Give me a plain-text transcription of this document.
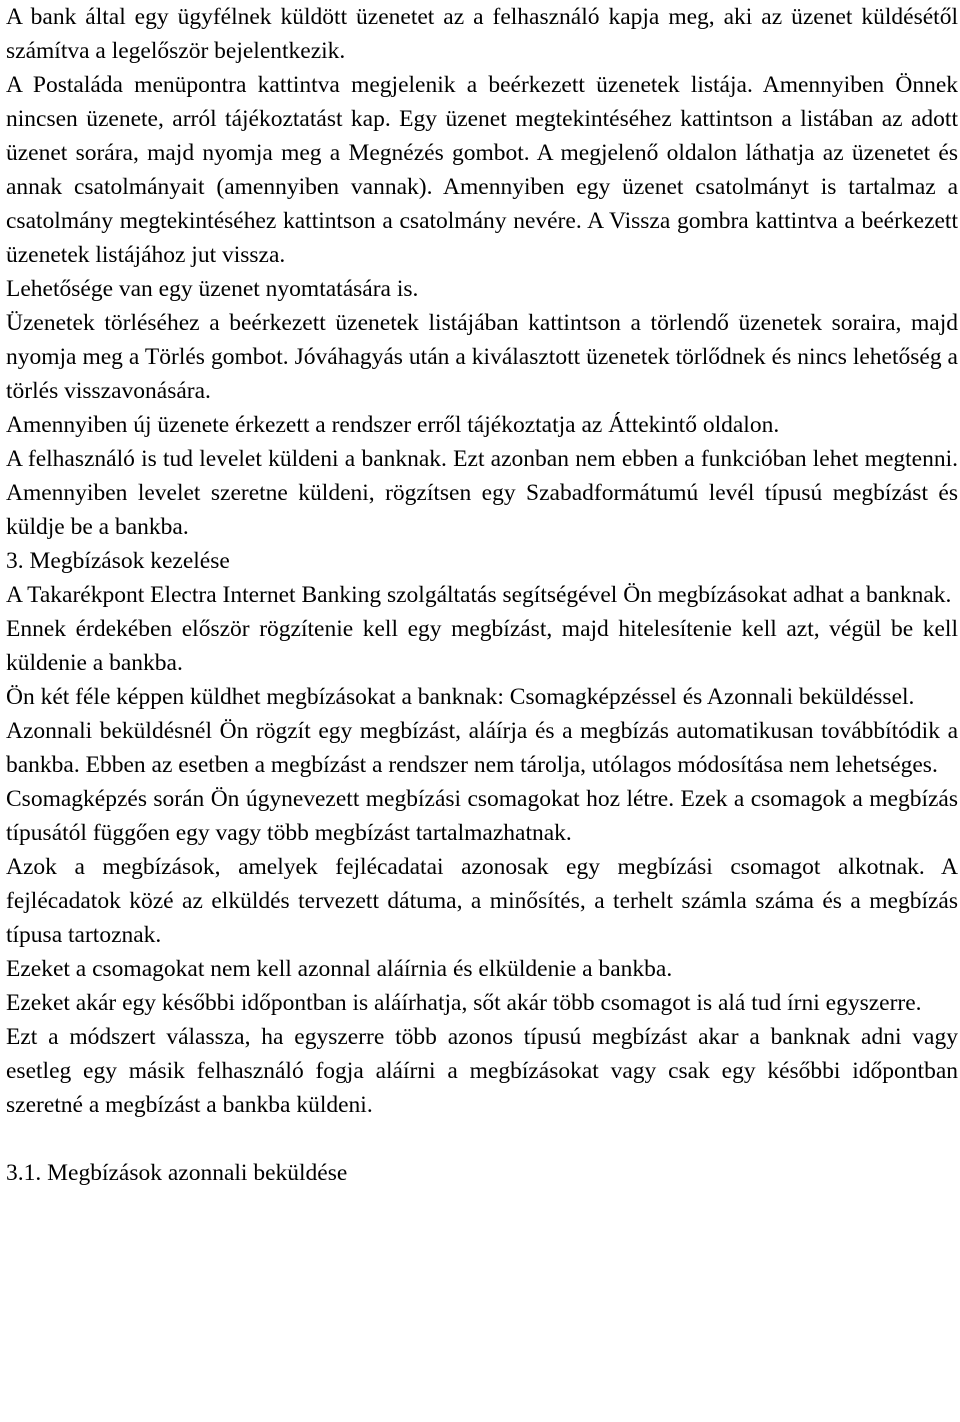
A bank által egy ügyfélnek küldött üzenetet az a felhasználó kapja meg, aki az üzenet küldésétől számítva a legelőször bejelentkezik.

A Postaláda menüpontra kattintva megjelenik a beérkezett üzenetek listája. Amennyiben Önnek nincsen üzenete, arról tájékoztatást kap. Egy üzenet megtekintéséhez kattintson a listában az adott üzenet sorára, majd nyomja meg a Megnézés gombot. A megjelenő oldalon láthatja az üzenetet és annak csatolmányait (amennyiben vannak). Amennyiben egy üzenet csatolmányt is tartalmaz a csatolmány megtekintéséhez kattintson a csatolmány nevére. A Vissza gombra kattintva a beérkezett üzenetek listájához jut vissza.

Lehetősége van egy üzenet nyomtatására is.

Üzenetek törléséhez a beérkezett üzenetek listájában kattintson a törlendő üzenetek soraira, majd nyomja meg a Törlés gombot. Jóváhagyás után a kiválasztott üzenetek törlődnek és nincs lehetőség a törlés visszavonására.

Amennyiben új üzenete érkezett a rendszer erről tájékoztatja az Áttekintő oldalon.

A felhasználó is tud levelet küldeni a banknak. Ezt azonban nem ebben a funkcióban lehet megtenni. Amennyiben levelet szeretne küldeni, rögzítsen egy Szabadformátumú levél típusú megbízást és küldje be a bankba.

3. Megbízások kezelése

A Takarékpont Electra Internet Banking szolgáltatás segítségével Ön megbízásokat adhat a banknak.

Ennek érdekében először rögzítenie kell egy megbízást, majd hitelesítenie kell azt, végül be kell küldenie a bankba.

Ön két féle képpen küldhet megbízásokat a banknak: Csomagképzéssel és Azonnali beküldéssel.

Azonnali beküldésnél Ön rögzít egy megbízást, aláírja és a megbízás automatikusan továbbítódik a bankba. Ebben az esetben a megbízást a rendszer nem tárolja, utólagos módosítása nem lehetséges.

Csomagképzés során Ön úgynevezett megbízási csomagokat hoz létre. Ezek a csomagok a megbízás típusától függően egy vagy több megbízást tartalmazhatnak.

Azok a megbízások, amelyek fejlécadatai azonosak egy megbízási csomagot alkotnak. A fejlécadatok közé az elküldés tervezett dátuma, a minősítés, a terhelt számla száma és a megbízás típusa tartoznak.

Ezeket a csomagokat nem kell azonnal aláírnia és elküldenie a bankba.

Ezeket akár egy későbbi időpontban is aláírhatja, sőt akár több csomagot is alá tud írni egyszerre.

Ezt a módszert válassza, ha egyszerre több azonos típusú megbízást akar a banknak adni vagy esetleg egy másik felhasználó fogja aláírni a megbízásokat vagy csak egy későbbi időpontban szeretné a megbízást a bankba küldeni.

3.1. Megbízások azonnali beküldése
